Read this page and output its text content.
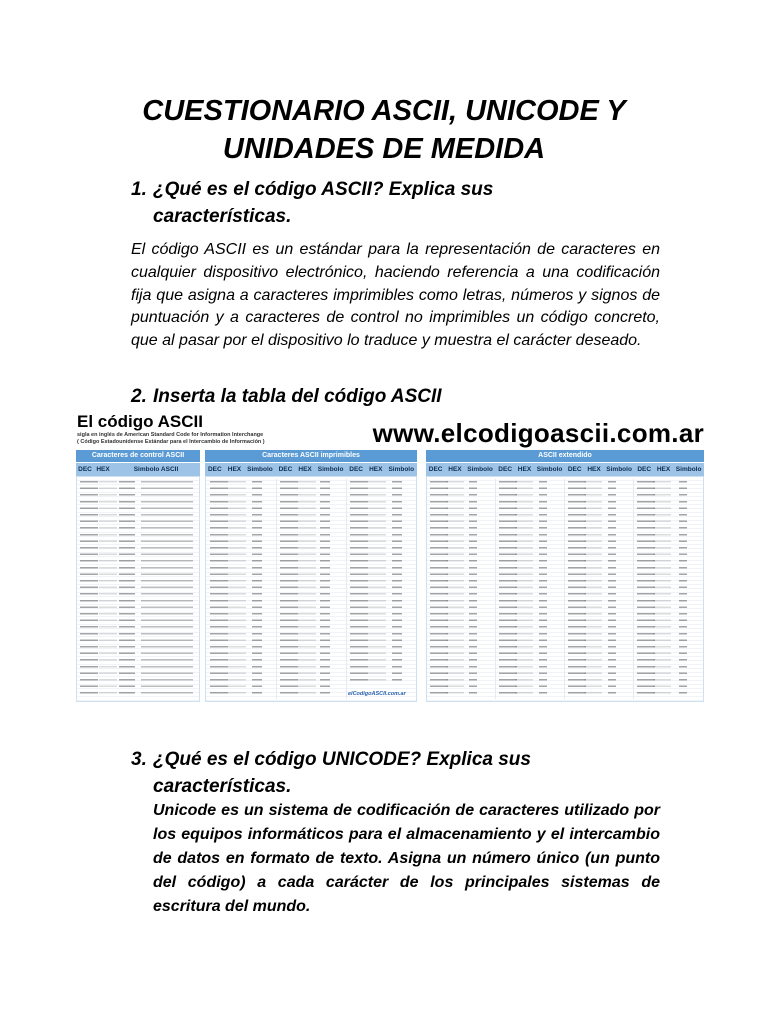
CUESTIONARIO ASCII, UNICODE Y
UNIDADES DE MEDIDA
1. ¿Qué es el código ASCII? Explica sus
características.

El código ASCII es un estándar para la representación de caracteres en cualquier dispositivo electrónico, haciendo referencia a una codificación fija que asigna a caracteres imprimibles como letras, números y signos de puntuación y a caracteres de control no imprimibles un código concreto, que al pasar por el dispositivo lo traduce y muestra el carácter deseado.

2. Inserta la tabla del código ASCII
El código ASCII
sigla en inglés de American Standard Code for Information Interchange
( Código Estadounidense Estándar para el Intercambio de Información )	www.elcodigoascii.com.ar
Caracteres de control ASCII
DEC HEX	Simbolo ASCII
Caracteres ASCII imprimibles
DEC HEX Simbolo DEC HEX Simbolo DEC HEX Simbolo
elCodigoASCII.com.ar
ASCII extendido
DEC HEX Simbolo DEC HEX Simbolo DEC HEX Simbolo DEC HEX Simbolo
3. ¿Qué es el código UNICODE? Explica sus
características.

Unicode es un sistema de codificación de caracteres utilizado por los equipos informáticos para el almacenamiento y el intercambio de datos en formato de texto. Asigna un número único (un punto del código) a cada carácter de los principales sistemas de escritura del mundo.
